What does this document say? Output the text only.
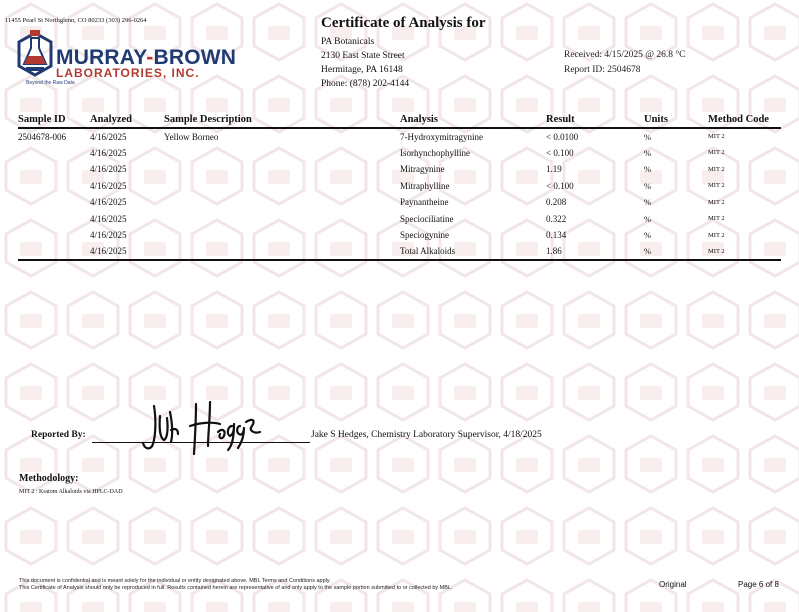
11455 Pearl St Northglenn, CO 80233 (303) 296-0264
MURRAY-BROWN
LABORATORIES, INC.
Beyond the Raw Data
Certificate of Analysis for
PA Botanicals
2130 East State Street
Hermitage, PA 16148
Phone: (878) 202-4144
Received: 4/15/2025 @ 26.8 °C
Report ID: 2504678
Sample ID	Analyzed	Sample Description	Analysis	Result	Units	Method Code
2504678-006	4/16/2025	Yellow Borneo	7-Hydroxymitragynine	< 0.0100	%	MIT 2
	4/16/2025		Isorhynchophylline	< 0.100	%	MIT 2
	4/16/2025		Mitragynine	1.19	%	MIT 2
	4/16/2025		Mitraphylline	< 0.100	%	MIT 2
	4/16/2025		Paynantheine	0.208	%	MIT 2
	4/16/2025		Speciociliatine	0.322	%	MIT 2
	4/16/2025		Speciogynine	0.134	%	MIT 2
	4/16/2025		Total Alkaloids	1.86	%	MIT 2
Reported By:	Jake S Hedges, Chemistry Laboratory Supervisor, 4/18/2025
Methodology:
MIT 2 : Kratom Alkaloids via HPLC-DAD
This document is confidential and is meant solely for the individual or entity designated above. MBL Terms and Conditions apply.
This Certificate of Analysis should only be reproduced in full. Results contained herein are representative of and only apply to the sample portion submitted to or collected by MBL.	Original	Page 6 of 8
